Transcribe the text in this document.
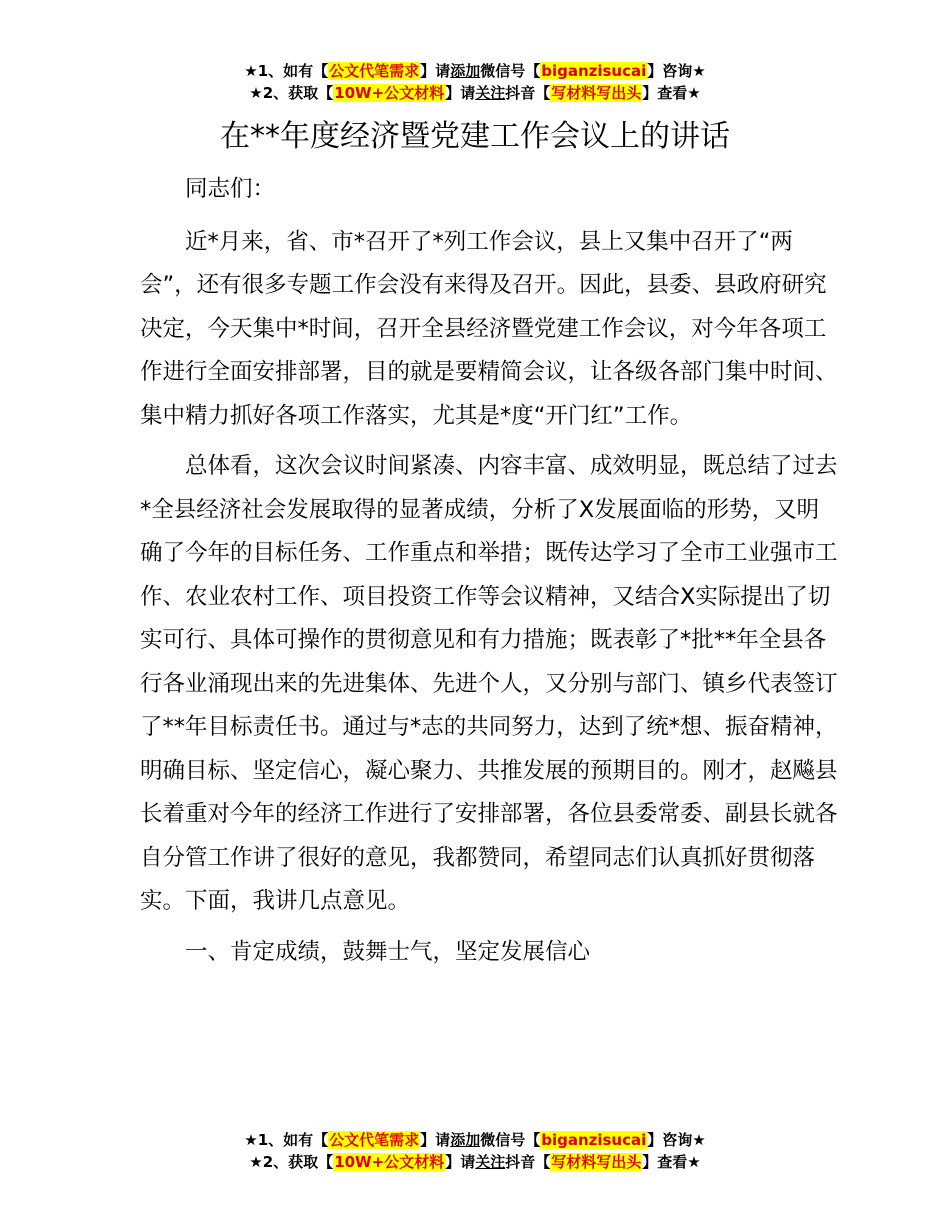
★1、如有【公文代笔需求】请添加微信号【biganzisucai】咨询★
★2、获取【10W+公文材料】请关注抖音【写材料写出头】查看★
在**年度经济暨党建工作会议上的讲话

同志们：

近*月来，省、市*召开了*列工作会议，县上又集中召开了“两会”，还有很多专题工作会没有来得及召开。因此，县委、县政府研究决定，今天集中*时间，召开全县经济暨党建工作会议，对今年各项工作进行全面安排部署，目的就是要精简会议，让各级各部门集中时间、集中精力抓好各项工作落实，尤其是*度“开门红”工作。

总体看，这次会议时间紧凑、内容丰富、成效明显，既总结了过去*全县经济社会发展取得的显著成绩，分析了X发展面临的形势，又明确了今年的目标任务、工作重点和举措；既传达学习了全市工业强市工作、农业农村工作、项目投资工作等会议精神，又结合X实际提出了切实可行、具体可操作的贯彻意见和有力措施；既表彰了*批**年全县各行各业涌现出来的先进集体、先进个人，又分别与部门、镇乡代表签订了**年目标责任书。通过与*志的共同努力，达到了统*想、振奋精神，明确目标、坚定信心，凝心聚力、共推发展的预期目的。刚才，赵飚县长着重对今年的经济工作进行了安排部署，各位县委常委、副县长就各自分管工作讲了很好的意见，我都赞同，希望同志们认真抓好贯彻落实。下面，我讲几点意见。

一、肯定成绩，鼓舞士气，坚定发展信心

★1、如有【公文代笔需求】请添加微信号【biganzisucai】咨询★
★2、获取【10W+公文材料】请关注抖音【写材料写出头】查看★
